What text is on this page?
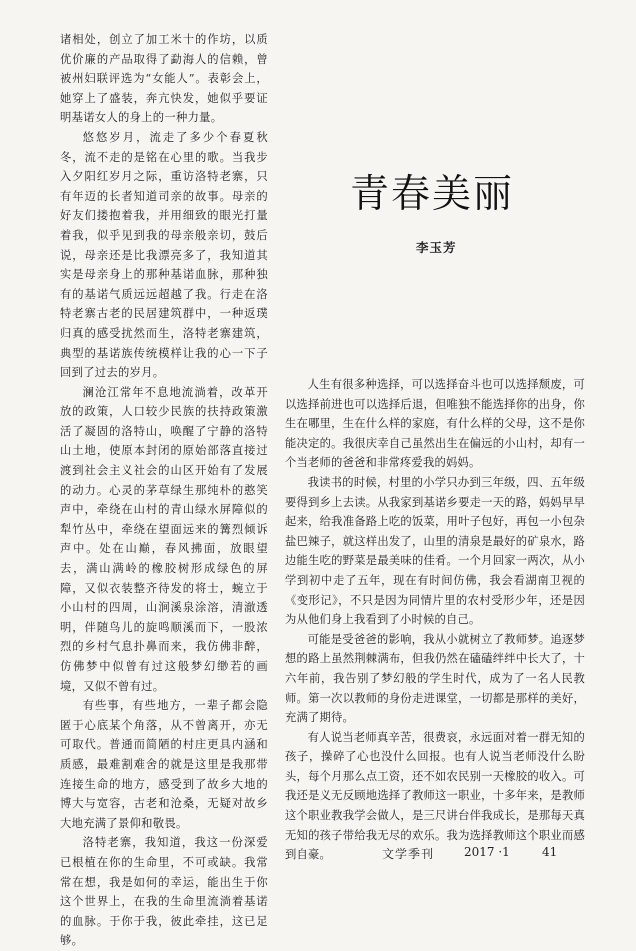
诸相处，创立了加工米十的作坊，以质优价廉的产品取得了勐海人的信赖，曾被州妇联评选为“女能人”。表彰会上，她穿上了盛装，奔亢快发，她似乎要证明基诺女人的身上的一种力量。

悠悠岁月，流走了多少个春夏秋冬，流不走的是铭在心里的歌。当我步入夕阳红岁月之际，重访洛特老寨，只有年迈的长者知道司亲的故事。母亲的好友们搂抱着我，并用细致的眼光打量着我，似乎见到我的母亲般亲切，鼓后说，母亲还是比我漂亮多了，我知道其实是母亲身上的那种基诺血脉，那种独有的基诺气质远远超越了我。行走在洛特老寨古老的民居建筑群中，一种返璞归真的感受扰然而生，洛特老寨建筑，典型的基诺族传统模样让我的心一下子回到了过去的岁月。

澜沧江常年不息地流淌着，改革开放的政策，人口较少民族的扶持政策激活了凝固的洛特山，唤醒了宁静的洛特山土地，使原本封闭的原始部落直接过渡到社会主义社会的山区开始有了发展的动力。心灵的茅草绿生那纯朴的憨笑声中，牵绕在山村的青山绿水屏障似的犁竹丛中，牵绕在望面远来的篝烈倾诉声中。处在山巅，春风拂面，放眼望去，满山满岭的橡胶树形成绿色的屏障，又似衣装整齐待发的将士，蜿立于小山村的四周，山涧溪泉涂溶，清澈透明，伴随鸟儿的旋鸣顺溪而下，一股浓烈的乡村气息扑鼻而来，我仿佛非醉，仿佛梦中似曾有过这般梦幻缈若的画境，又似不曾有过。

有些事，有些地方，一辈子都会隐匿于心底某个角落，从不曾离开，亦无可取代。普通而简陋的村庄更具内涵和质感，最难割难舍的就是这里是我那带连接生命的地方，感受到了故乡大地的博大与宽容，古老和沧桑，无疑对故乡大地充满了景仰和敬畏。

洛特老寨，我知道，我这一份深爱已根植在你的生命里，不可或缺。我常常在想，我是如何的幸运，能出生于你这个世界上，在我的生命里流淌着基诺的血脉。于你于我，彼此牵挂，这已足够。

青春美丽
李玉芳

人生有很多种选择，可以选择奋斗也可以选择颓废，可以选择前进也可以选择后退，但唯独不能选择你的出身，你生在哪里，生在什么样的家庭，有什么样的父母，这不是你能决定的。我很庆幸自己虽然出生在偏远的小山村，却有一个当老师的爸爸和非常疼爱我的妈妈。

我读书的时候，村里的小学只办到三年级，四、五年级要得到乡上去读。从我家到基诺乡要走一天的路，妈妈早早起来，给我准备路上吃的饭菜，用叶子包好，再包一小包杂盐巴辣子，就这样出发了，山里的清泉是最好的矿泉水，路边能生吃的野菜是最美味的佳肴。一个月回家一两次，从小学到初中走了五年，现在有时间仿佛，我会看湖南卫视的《变形记》，不只是因为同情片里的农村受形少年，还是因为从他们身上我看到了小时候的自己。

可能是受爸爸的影响，我从小就树立了教师梦。追逐梦想的路上虽然荆棘满布，但我仍然在磕磕绊绊中长大了，十六年前，我告别了梦幻般的学生时代，成为了一名人民教师。第一次以教师的身份走进课堂，一切都是那样的美好，充满了期待。

有人说当老师真辛苦，很费哀，永远面对着一群无知的孩子，操碎了心也没什么回报。也有人说当老师没什么盼头，每个月那么点工资，还不如农民别一天橡胶的收入。可我还是义无反顾地选择了教师这一职业，十多年来，是教师这个职业教我学会做人，是三尺讲台伴我成长，是那每天真无知的孩子带给我无尽的欢乐。我为选择教师这个职业而感到自豪。	文学季刊 2017 ·1	41
